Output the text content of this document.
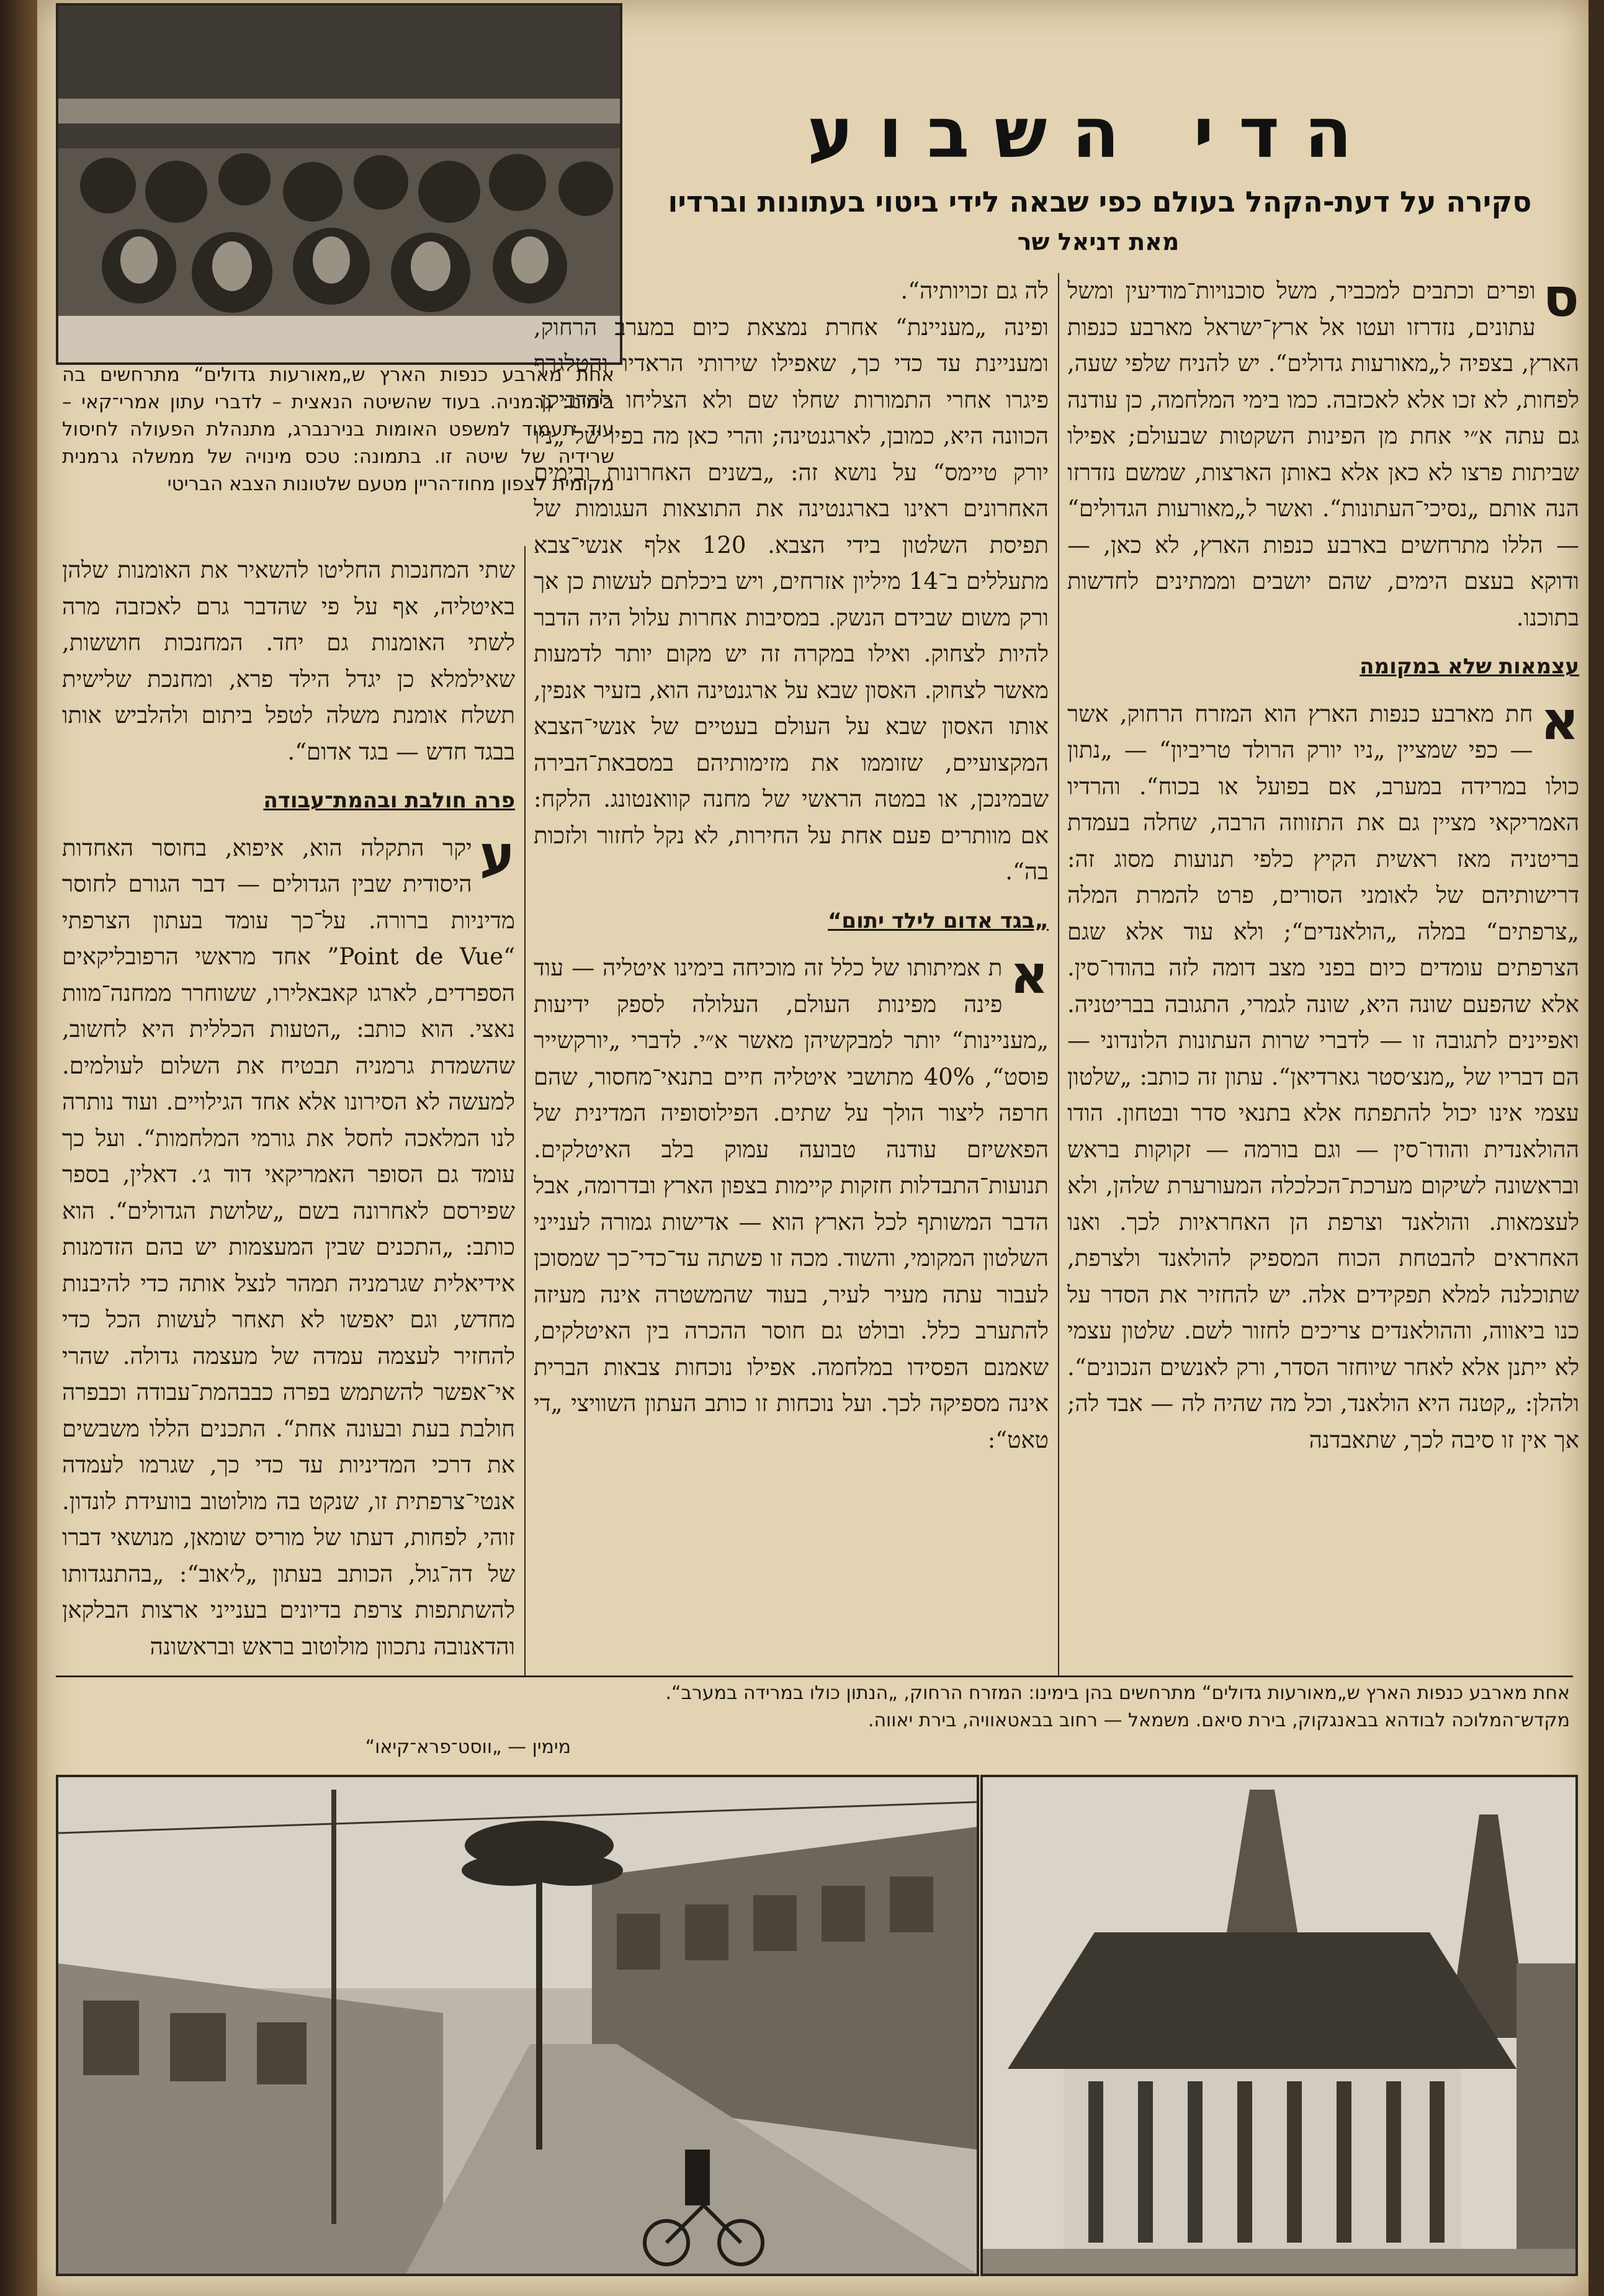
הדי השבוע
סקירה על דעת-הקהל בעולם כפי שבאה לידי ביטוי בעתונות וברדיו
מאת דניאל שר
אחת מארבע כנפות הארץ ש„מאורעות גדולים“ מתרחשים בה בימינו: גרמניה. בעוד שהשיטה הנאצית – לדברי עתון אמרי־קאי – עוד תעמוד למשפט האומות בנירנברג, מתנהלת הפעולה לחיסול שרידיה של שיטה זו. בתמונה: טכס מינויה של ממשלה גרמנית מקומית לצפון מחוז־הריין מטעם שלטונות הצבא הבריטי

ס
ופרים וכתבים למכביר, משל סוכנויות־מודיעין ומשל עתונים, נזדרזו ועטו אל ארץ־ישראל מארבע כנפות הארץ, בצפיה ל„מאורעות גדולים“. יש להניח שלפי שעה, לפחות, לא זכו אלא לאכזבה. כמו בימי המלחמה, כן עודנה גם עתה א״י אחת מן הפינות השקטות שבעולם; אפילו שביתות פרצו לא כאן אלא באותן הארצות, שמשם נזדרזו הנה אותם „נסיכי־העתונות“. ואשר ל„מאורעות הגדולים“ — הללו מתרחשים בארבע כנפות הארץ, לא כאן, — ודוקא בעצם הימים, שהם יושבים וממתינים לחדשות בתוכנו.

עצמאות שלא במקומה

א
חת מארבע כנפות הארץ הוא המזרח הרחוק, אשר — כפי שמציין „ניו יורק הרולד טריביון“ — „נתון כולו במרידה במערב, אם בפועל או בכוח“. והרדיו האמריקאי מציין גם את התזווזה הרבה, שחלה בעמדת בריטניה מאז ראשית הקיץ כלפי תנועות מסוג זה: דרישותיהם של לאומני הסורים, פרט להמרת המלה „צרפתים“ במלה „הולאנדים“; ולא עוד אלא שגם הצרפתים עומדים כיום בפני מצב דומה לזה בהודו־סין. אלא שהפעם שונה היא, שונה לגמרי, התגובה בבריטניה. ואפיינים לתגובה זו — לדברי שרות העתונות הלונדוני — הם דבריו של „מנצ׳סטר גארדיאן“. עתון זה כותב: „שלטון עצמי אינו יכול להתפתח אלא בתנאי סדר ובטחון. הודו ההולאנדית והודו־סין — וגם בורמה — זקוקות בראש ובראשונה לשיקום מערכת־הכלכלה המעורערת שלהן, ולא לעצמאות. והולאנד וצרפת הן האחראיות לכך. ואנו האחראים להבטחת הכוח המספיק להולאנד ולצרפת, שתוכלנה למלא תפקידים אלה. יש להחזיר את הסדר על כנו ביאווה, וההולאנדים צריכים לחזור לשם. שלטון עצמי לא ייתנן אלא לאחר שיוחזר הסדר, ורק לאנשים הנכונים“. ולהלן: „קטנה היא הולאנד, וכל מה שהיה לה — אבד לה; אך אין זו סיבה לכך, שתאבדנה

לה גם זכויותיה“.

ופינה „מעניינת“ אחרת נמצאת כיום במערב הרחוק, ומעניינת עד כדי כך, שאפילו שירותי הראדיו והטלגרף פיגרו אחרי התמורות שחלו שם ולא הצליחו להדביקן. הכוונה היא, כמובן, לארגנטינה; והרי כאן מה בפיו של „ניו יורק טיימס“ על נושא זה: „בשנים האחרונות ובימים האחרונים ראינו בארגנטינה את התוצאות העגומות של תפיסת השלטון בידי הצבא. 120 אלף אנשי־צבא מתעללים ב־14 מיליון אזרחים, ויש ביכלתם לעשות כן אך ורק משום שבידם הנשק. במסיבות אחרות עלול היה הדבר להיות לצחוק. ואילו במקרה זה יש מקום יותר לדמעות מאשר לצחוק. האסון שבא על ארגנטינה הוא, בזעיר אנפין, אותו האסון שבא על העולם בעטיים של אנשי־הצבא המקצועיים, שזוממו את מזימותיהם במסבאת־הבירה שבמינכן, או במטה הראשי של מחנה קוואנטונג. הלקח: אם מוותרים פעם אחת על החירות, לא נקל לחזור ולזכות בה“.

„בגד אדום לילד יתום“

א
ת אמיתותו של כלל זה מוכיחה בימינו איטליה — עוד פינה מפינות העולם, העלולה לספק ידיעות „מעניינות“ יותר למבקשיהן מאשר א״י. לדברי „יורקשייר פוסט“, 40% מתושבי איטליה חיים בתנאי־מחסור, שהם חרפה ליצור הולך על שתים. הפילוסופיה המדינית של הפאשיזם עודנה טבועה עמוק בלב האיטלקים. תנועות־התבדלות חזקות קיימות בצפון הארץ ובדרומה, אבל הדבר המשותף לכל הארץ הוא — אדישות גמורה לענייני השלטון המקומי, והשוד. מכה זו פשתה עד־כדי־כך שמסוכן לעבור עתה מעיר לעיר, בעוד שהמשטרה אינה מעיזה להתערב כלל. ובולט גם חוסר ההכרה בין האיטלקים, שאמנם הפסידו במלחמה. אפילו נוכחות צבאות הברית אינה מספיקה לכך. ועל נוכחות זו כותב העתון השוויצי „די טאט“:

שתי המחנכות החליטו להשאיר את האומנות שלהן באיטליה, אף על פי שהדבר גרם לאכזבה מרה לשתי האומנות גם יחד. המחנכות חוששות, שאילמלא כן יגדל הילד פרא, ומחנכת שלישית תשלח אומנת משלה לטפל ביתום ולהלביש אותו בבגד חדש — בגד אדום“.

פרה חולבת ובהמת־עבודה

ע
יקר התקלה הוא, איפוא, בחוסר האחדות היסודית שבין הגדולים — דבר הגורם לחוסר מדיניות ברורה. על־כך עומד בעתון הצרפתי “Point de Vue” אחד מראשי הרפובליקאים הספרדים, לארגו קאבאלירו, ששוחרר ממחנה־מוות נאצי. הוא כותב: „הטעות הכללית היא לחשוב, שהשמדת גרמניה תבטיח את השלום לעולמים. למעשה לא הסירונו אלא אחד הגילויים. ועוד נותרה לנו המלאכה לחסל את גורמי המלחמות“. ועל כך עומד גם הסופר האמריקאי דוד ג׳. דאלין, בספר שפירסם לאחרונה בשם „שלושת הגדולים“. הוא כותב: „התכנים שבין המעצמות יש בהם הזדמנות אידיאלית שגרמניה תמהר לנצל אותה כדי להיבנות מחדש, וגם יאפשו לא תאחר לעשות הכל כדי להחזיר לעצמה עמדה של מעצמה גדולה. שהרי אי־אפשר להשתמש בפרה כבבהמת־עבודה וכבפרה חולבת בעת ובעונה אחת“. התכנים הללו משבשים את דרכי המדיניות עד כדי כך, שגרמו לעמדה אנטי־צרפתית זו, שנקט בה מולוטוב בוועידת לונדון. זוהי, לפחות, דעתו של מוריס שומאן, מנושאי דברו של דה־גול, הכותב בעתון „ל׳אוב“: „בהתנגדותו להשתתפות צרפת בדיונים בענייני ארצות הבלקאן והדאנובה נתכוון מולוטוב בראש ובראשונה

אחת מארבע כנפות הארץ ש„מאורעות גדולים“ מתרחשים בהן בימינו: המזרח הרחוק, „הנתון כולו במרידה במערב“.
מקדש־המלוכה לבודהא בבאנגקוק, בירת סיאם. משמאל — רחוב בבאטאוויה, בירת יאווה.
מימין — „ווסט־פרא־קיאו“
